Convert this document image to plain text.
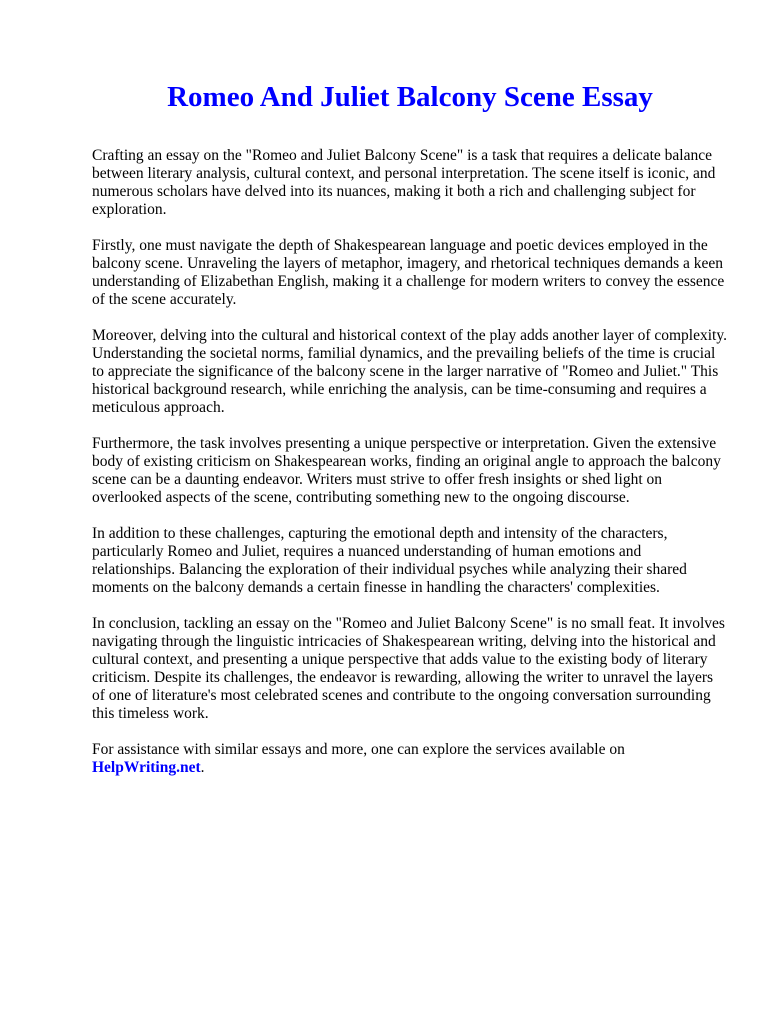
Romeo And Juliet Balcony Scene Essay

Crafting an essay on the "Romeo and Juliet Balcony Scene" is a task that requires a delicate balance between literary analysis, cultural context, and personal interpretation. The scene itself is iconic, and numerous scholars have delved into its nuances, making it both a rich and challenging subject for exploration.

Firstly, one must navigate the depth of Shakespearean language and poetic devices employed in the balcony scene. Unraveling the layers of metaphor, imagery, and rhetorical techniques demands a keen understanding of Elizabethan English, making it a challenge for modern writers to convey the essence of the scene accurately.

Moreover, delving into the cultural and historical context of the play adds another layer of complexity. Understanding the societal norms, familial dynamics, and the prevailing beliefs of the time is crucial to appreciate the significance of the balcony scene in the larger narrative of "Romeo and Juliet." This historical background research, while enriching the analysis, can be time-consuming and requires a meticulous approach.

Furthermore, the task involves presenting a unique perspective or interpretation. Given the extensive body of existing criticism on Shakespearean works, finding an original angle to approach the balcony scene can be a daunting endeavor. Writers must strive to offer fresh insights or shed light on overlooked aspects of the scene, contributing something new to the ongoing discourse.

In addition to these challenges, capturing the emotional depth and intensity of the characters, particularly Romeo and Juliet, requires a nuanced understanding of human emotions and relationships. Balancing the exploration of their individual psyches while analyzing their shared moments on the balcony demands a certain finesse in handling the characters' complexities.

In conclusion, tackling an essay on the "Romeo and Juliet Balcony Scene" is no small feat. It involves navigating through the linguistic intricacies of Shakespearean writing, delving into the historical and cultural context, and presenting a unique perspective that adds value to the existing body of literary criticism. Despite its challenges, the endeavor is rewarding, allowing the writer to unravel the layers of one of literature's most celebrated scenes and contribute to the ongoing conversation surrounding this timeless work.

For assistance with similar essays and more, one can explore the services available on
HelpWriting.net.
